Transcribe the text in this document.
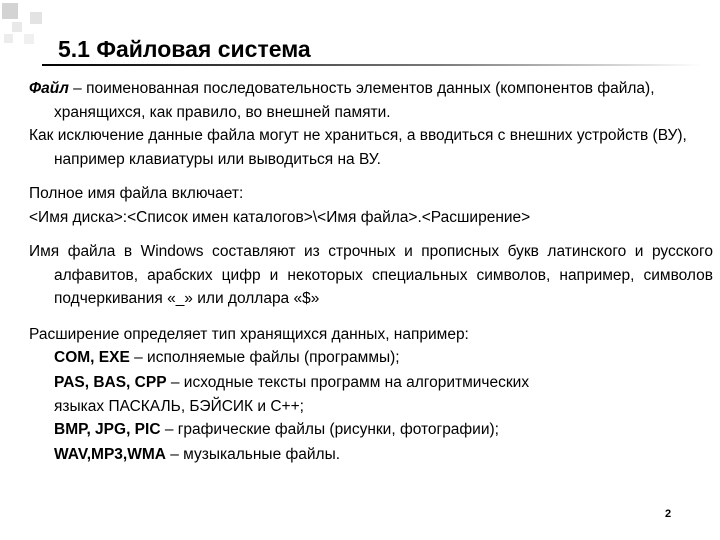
5.1 Файловая система

Файл – поименованная последовательность элементов данных (компонентов файла), хранящихся, как правило, во внешней памяти.

Как исключение данные файла могут не храниться, а вводиться с внешних устройств (ВУ), например клавиатуры или выводиться на ВУ.

Полное имя файла включает:

<Имя диска>:<Список имен каталогов>\<Имя файла>.<Расширение>

Имя файла в Windows составляют из строчных и прописных букв латинского и русского алфавитов, арабских цифр и некоторых специальных символов, например, символов подчеркивания «_» или доллара «$»

Расширение определяет тип хранящихся данных, например:

COM, EXE – исполняемые файлы (программы);

PAS, BAS, CPP – исходные тексты программ на алгоритмических

языках ПАСКАЛЬ, БЭЙСИК и С++;

BMP, JPG, PIC – графические файлы (рисунки, фотографии);

WAV,MP3,WMA – музыкальные файлы.

2
